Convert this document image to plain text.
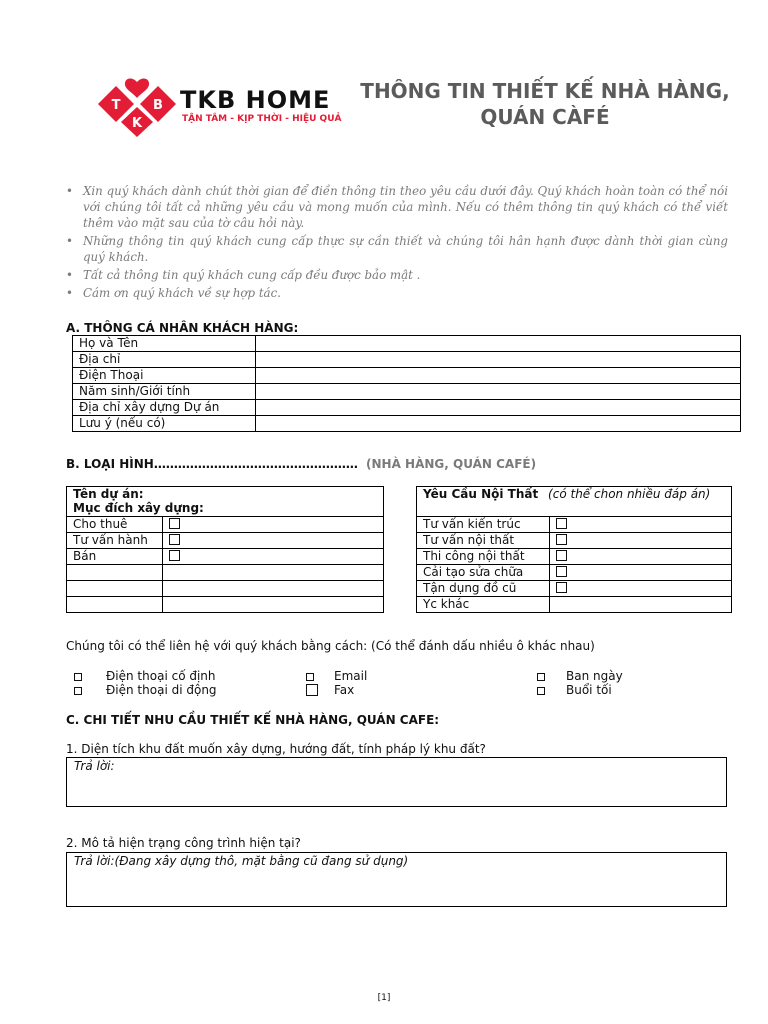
T	B
K
TKB HOME
TẬN TÂM - KỊP THỜI - HIỆU QUẢ
THÔNG TIN THIẾT KẾ NHÀ HÀNG, QUÁN CÀFÉ
• Xin quý khách dành chút thời gian để điền thông tin theo yêu cầu dưới đây. Quý khách hoàn toàn có thể nói với chúng tôi tất cả những yêu cầu và mong muốn của mình. Nếu có thêm thông tin quý khách có thể viết thêm vào mặt sau của tờ câu hỏi này.
• Những thông tin quý khách cung cấp thực sự cần thiết và chúng tôi hân hạnh được dành thời gian cùng quý khách.
• Tất cả thông tin quý khách cung cấp đều được bảo mật .
• Cám ơn quý khách về sự hợp tác.
A. THÔNG CÁ NHÂN KHÁCH HÀNG:
Họ và Tên	
Địa chỉ	
Điện Thoại	
Năm sinh/Giới tính	
Địa chỉ xây dựng Dự án	
Lưu ý (nếu có)	
B. LOẠI HÌNH…………………………………………… (NHÀ HÀNG, QUÁN CAFÉ)
Tên dự án:
Mục đích xây dựng:	

Cho thuê	
Tư vấn hành	
Bán	

Yêu Cầu Nội Thất (có thể chon nhiều đáp án)	
Tư vấn kiến trúc	
Tư vấn nội thất	
Thi công nội thất	
Cải tạo sửa chữa	
Tận dụng đồ cũ	
Yc khác	
Chúng tôi có thể liên hệ với quý khách bằng cách: (Có thể đánh dấu nhiều ô khác nhau)
Điện thoại cố định
Điện thoại di động
Email
Fax
Ban ngày
Buổi tối
C. CHI TIẾT NHU CẦU THIẾT KẾ NHÀ HÀNG, QUÁN CAFE:
1. Diện tích khu đất muốn xây dựng, hướng đất, tính pháp lý khu đất?
Trả lời:
2. Mô tả hiện trạng công trình hiện tại?
Trả lời:(Đang xây dựng thô, mặt bằng cũ đang sử dụng)
[1]
